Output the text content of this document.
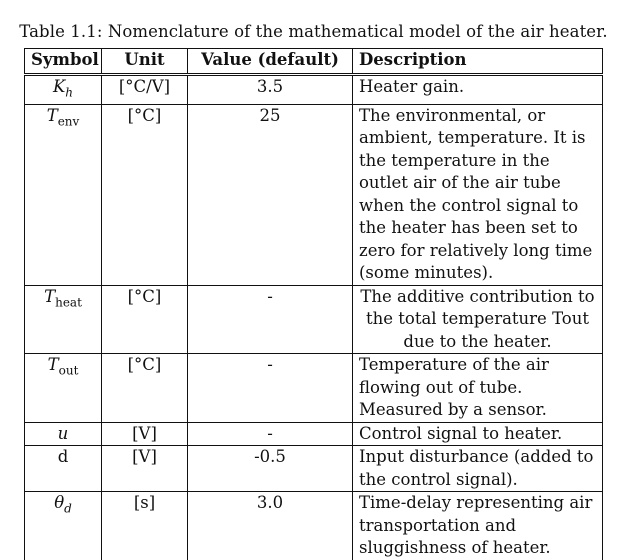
Table 1.1: Nomenclature of the mathematical model of the air heater.
Symbol	Unit	Value (default)	Description
$K_h$	[°C/V]	3.5	Heater gain.
$T_{env}$	[°C]	25	The environmental, or ambient, temperature. It is the temperature in the outlet air of the air tube when the control signal to the heater has been set to zero for relatively long time (some minutes).
$T_{heat}$	[°C]	-	The additive contribution to the total temperature Tout due to the heater.
$T_{out}$	[°C]	-	Temperature of the air flowing out of tube. Measured by a sensor.
u	[V]	-	Control signal to heater.
d	[V]	-0.5	Input disturbance (added to the control signal).
$\theta_d$	[s]	3.0	Time-delay representing air transportation and sluggishness of heater.
